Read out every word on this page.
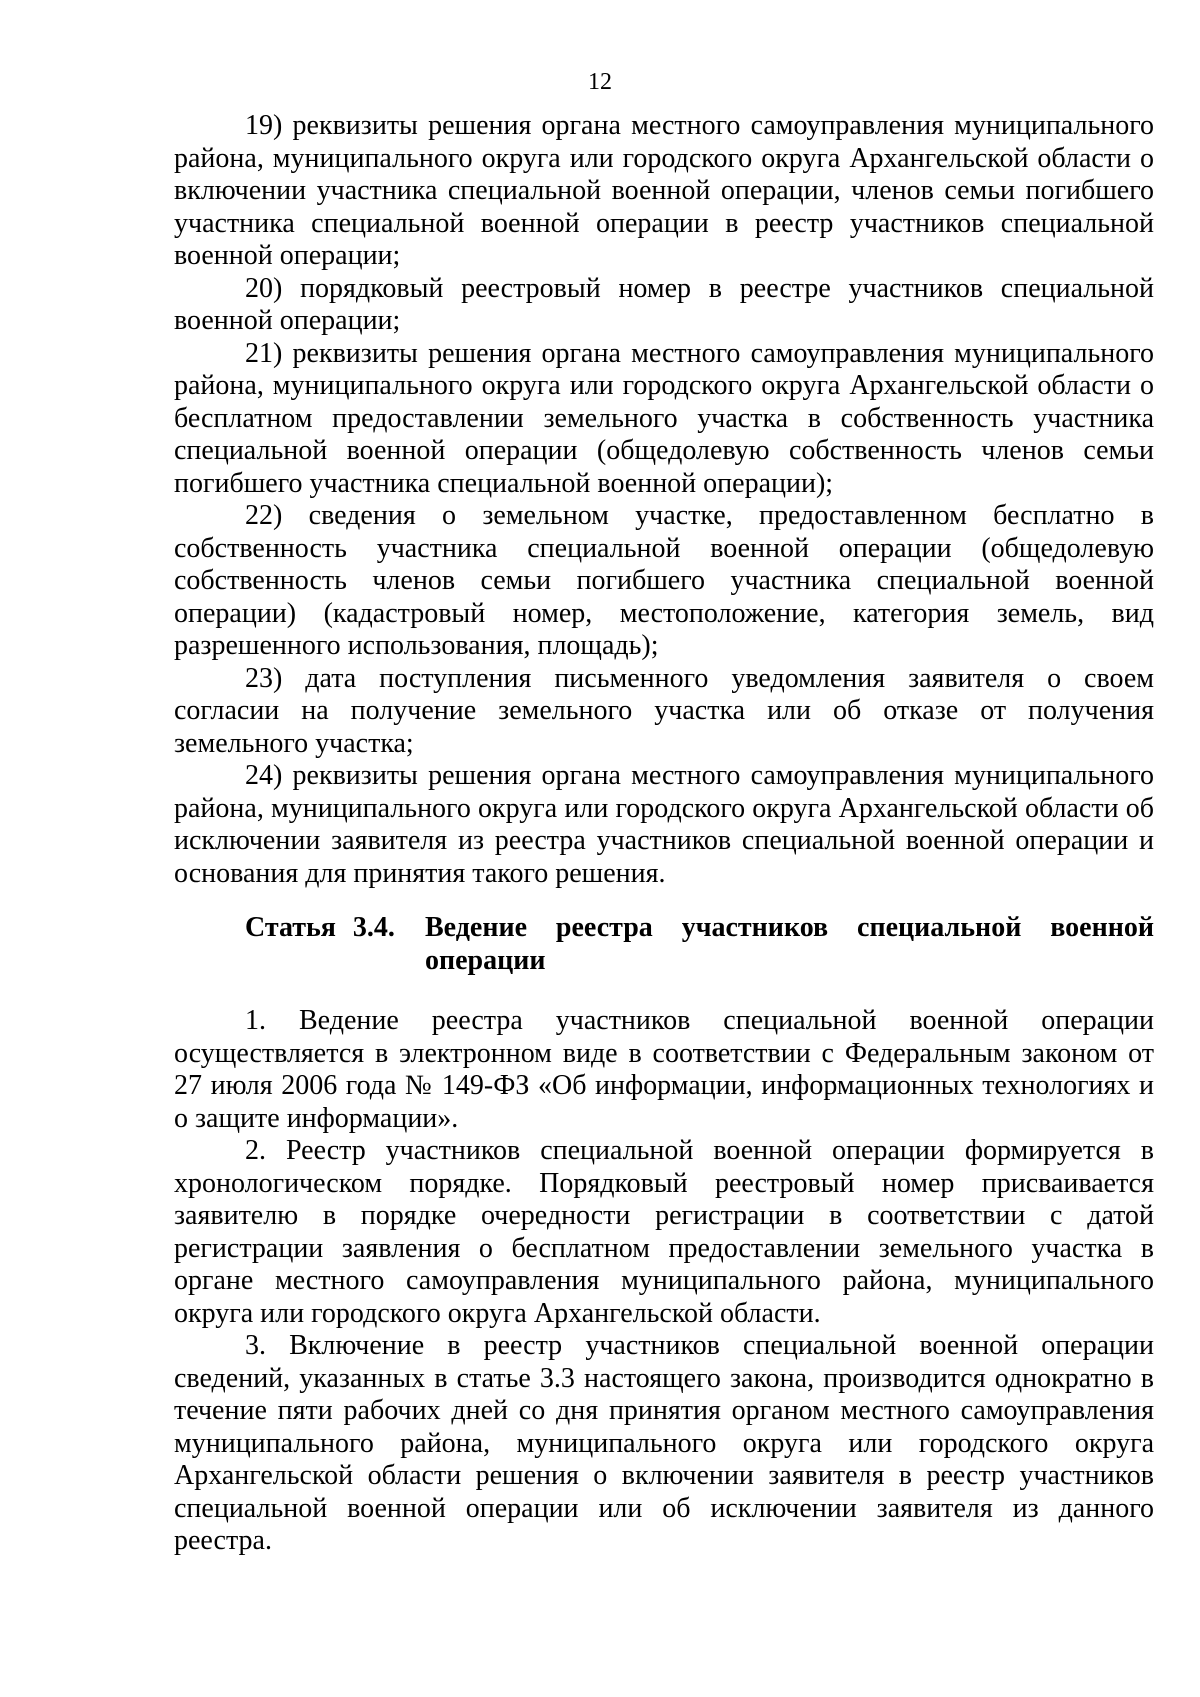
12

19) реквизиты решения органа местного самоуправления муниципального района, муниципального округа или городского округа Архангельской области о включении участника специальной военной операции, членов семьи погибшего участника специальной военной операции в реестр участников специальной военной операции;

20) порядковый реестровый номер в реестре участников специальной военной операции;

21) реквизиты решения органа местного самоуправления муниципального района, муниципального округа или городского округа Архангельской области о бесплатном предоставлении земельного участка в собственность участника специальной военной операции (общедолевую собственность членов семьи погибшего участника специальной военной операции);

22) сведения о земельном участке, предоставленном бесплатно в собственность участника специальной военной операции (общедолевую собственность членов семьи погибшего участника специальной военной операции) (кадастровый номер, местоположение, категория земель, вид разрешенного использования, площадь);

23) дата поступления письменного уведомления заявителя о своем согласии на получение земельного участка или об отказе от получения земельного участка;

24) реквизиты решения органа местного самоуправления муниципального района, муниципального округа или городского округа Архангельской области об исключении заявителя из реестра участников специальной военной операции и основания для принятия такого решения.

Статья 3.4.	Ведение реестра участников специальной военной операции

1. Ведение реестра участников специальной военной операции осуществляется в электронном виде в соответствии с Федеральным законом от 27 июля 2006 года № 149-ФЗ «Об информации, информационных технологиях и о защите информации».

2. Реестр участников специальной военной операции формируется в хронологическом порядке. Порядковый реестровый номер присваивается заявителю в порядке очередности регистрации в соответствии с датой регистрации заявления о бесплатном предоставлении земельного участка в органе местного самоуправления муниципального района, муниципального округа или городского округа Архангельской области.

3. Включение в реестр участников специальной военной операции сведений, указанных в статье 3.3 настоящего закона, производится однократно в течение пяти рабочих дней со дня принятия органом местного самоуправления муниципального района, муниципального округа или городского округа Архангельской области решения о включении заявителя в реестр участников специальной военной операции или об исключении заявителя из данного реестра.
